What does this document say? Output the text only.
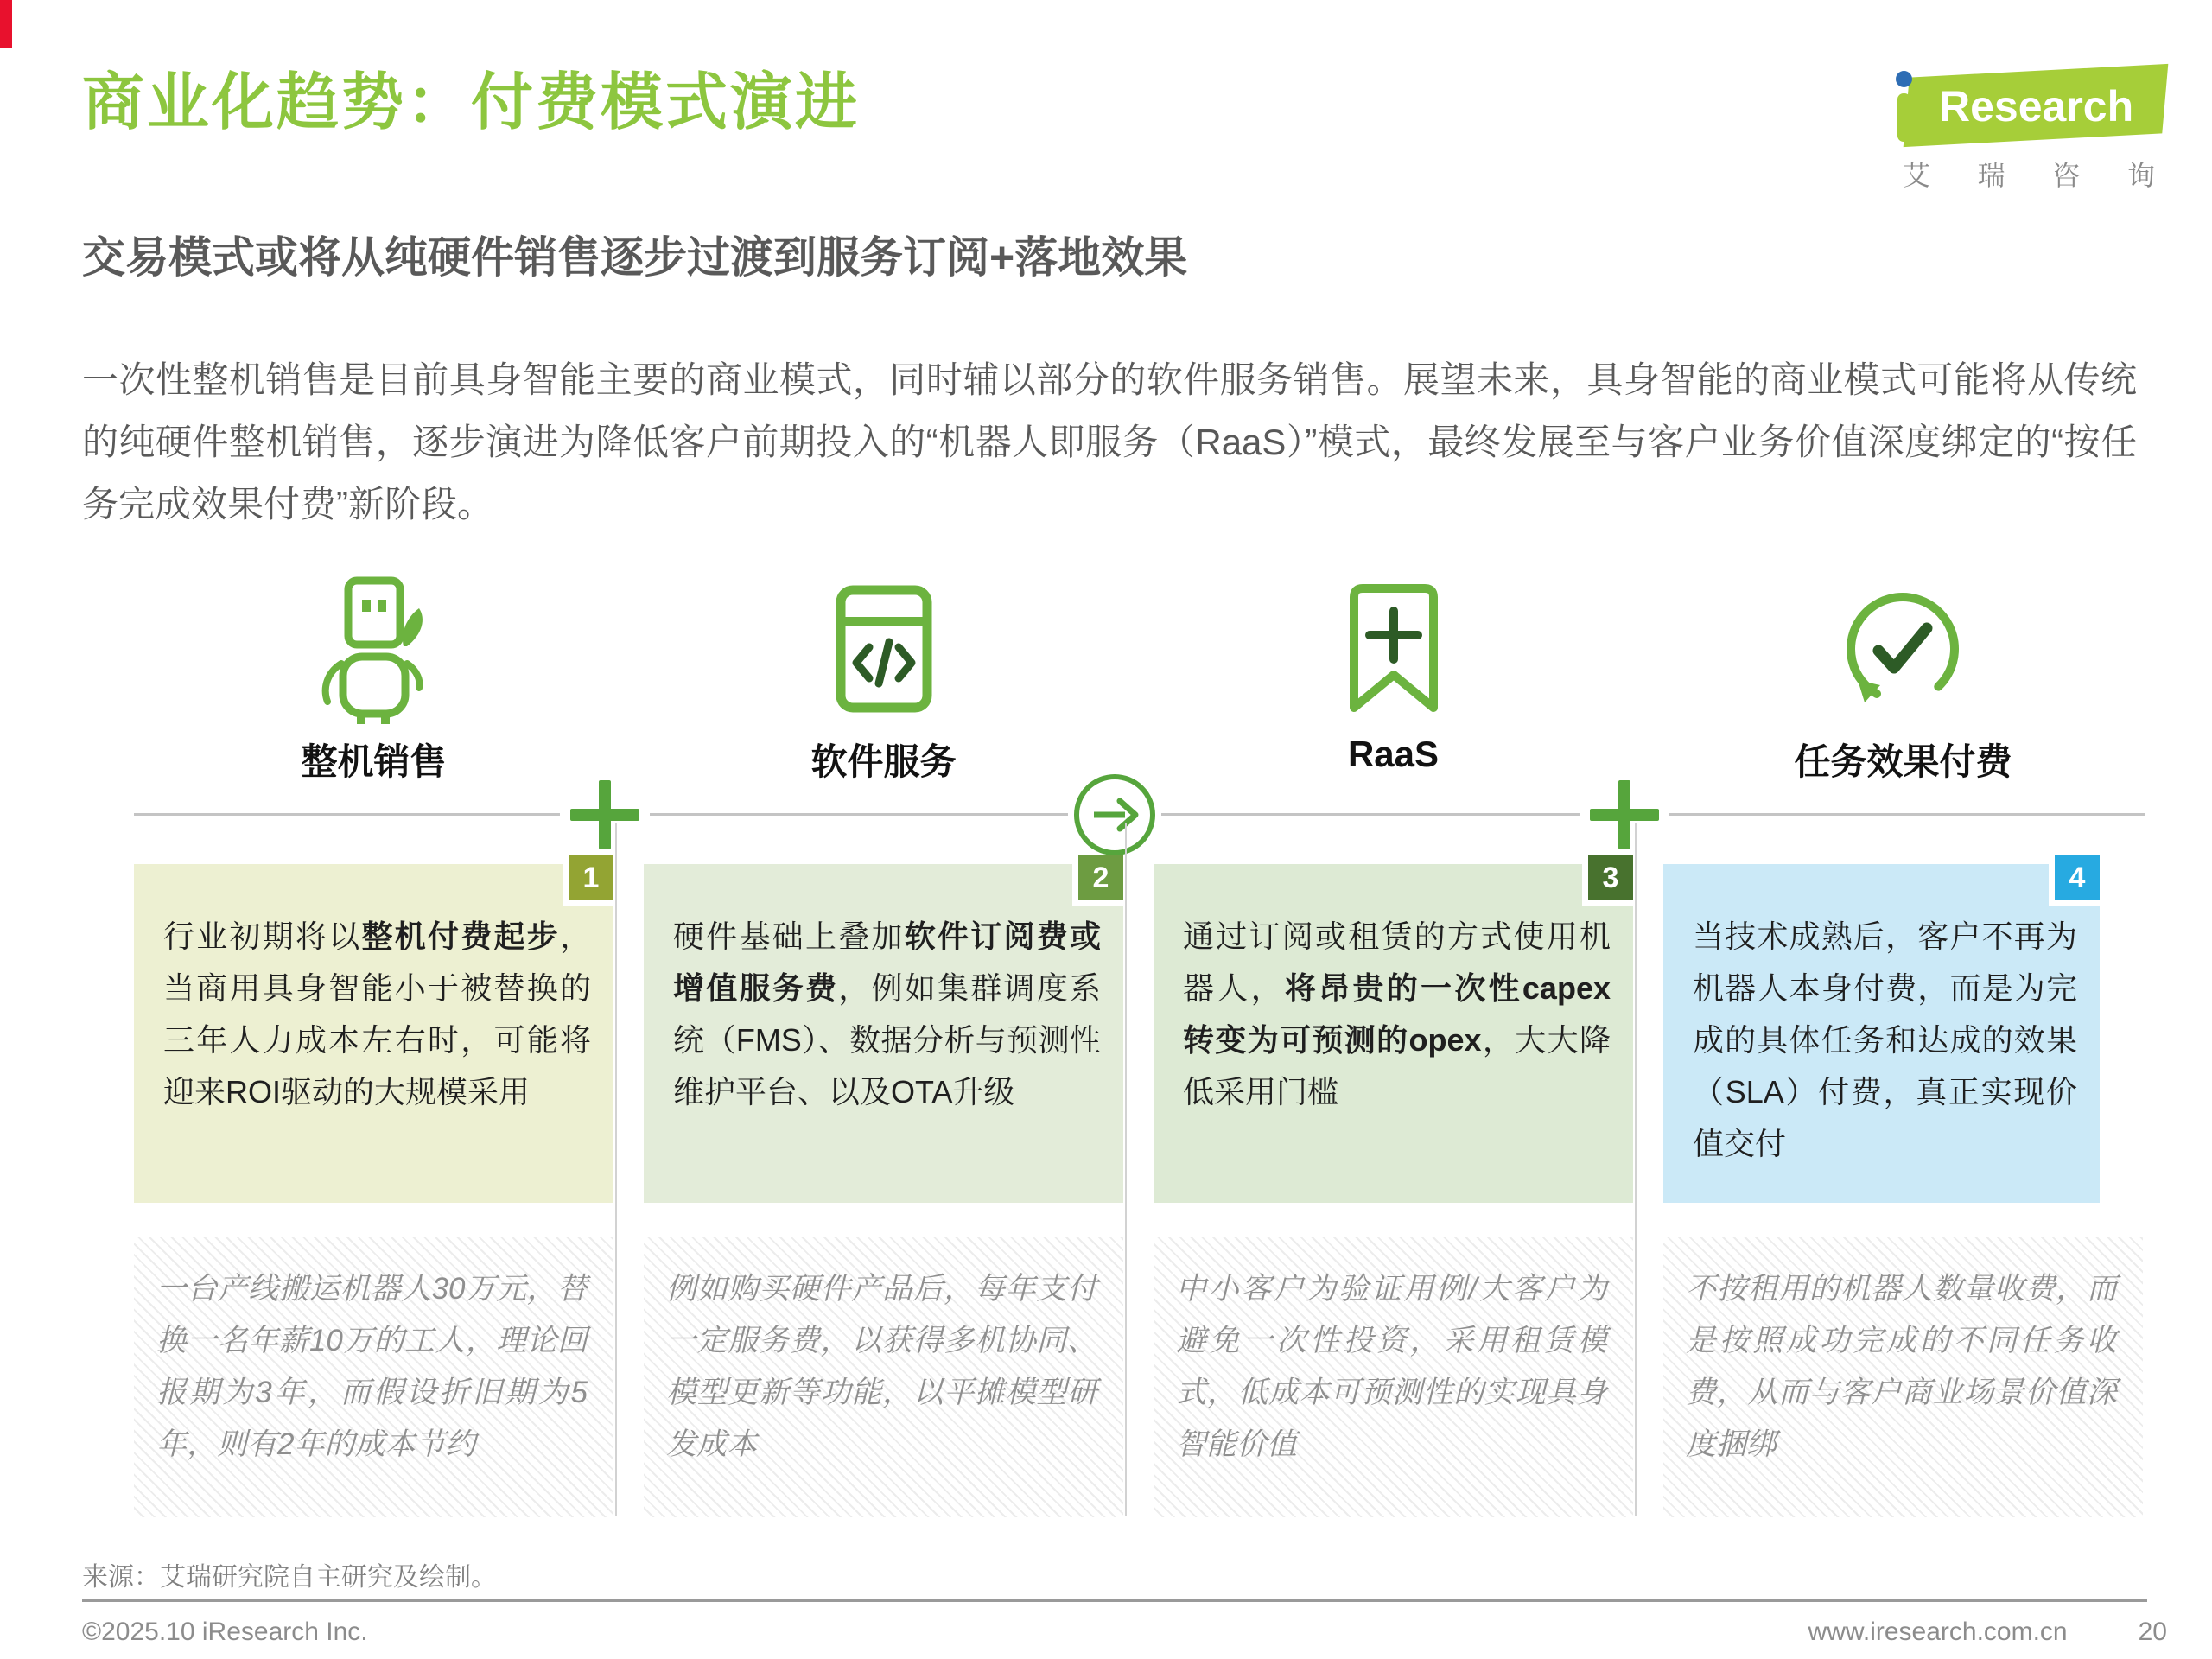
商业化趋势：付费模式演进	Research
艾 瑞 咨 询
交易模式或将从纯硬件销售逐步过渡到服务订阅+落地效果

一次性整机销售是目前具身智能主要的商业模式，同时辅以部分的软件服务销售。展望未来，具身智能的商业模式可能将从传统的纯硬件整机销售，逐步演进为降低客户前期投入的“机器人即服务（RaaS）”模式，最终发展至与客户业务价值深度绑定的“按任务完成效果付费”新阶段。

整机销售	软件服务	RaaS	任务效果付费
1
行业初期将以整机付费起步，当商用具身智能小于被替换的三年人力成本左右时，可能将迎来ROI驱动的大规模采用
2
硬件基础上叠加软件订阅费或增值服务费，例如集群调度系统（FMS）、数据分析与预测性维护平台、以及OTA升级
3
通过订阅或租赁的方式使用机器人，将昂贵的一次性capex转变为可预测的opex，大大降低采用门槛
4
当技术成熟后，客户不再为机器人本身付费，而是为完成的具体任务和达成的效果（SLA）付费，真正实现价值交付
一台产线搬运机器人30万元，替换一名年薪10万的工人，理论回报期为3年，而假设折旧期为5年，则有2年的成本节约
例如购买硬件产品后，每年支付一定服务费，以获得多机协同、模型更新等功能，以平摊模型研发成本
中小客户为验证用例/大客户为避免一次性投资，采用租赁模式，低成本可预测性的实现具身智能价值
不按租用的机器人数量收费，而是按照成功完成的不同任务收费，从而与客户商业场景价值深度捆绑
来源：艾瑞研究院自主研究及绘制。
©2025.10 iResearch Inc.	www.iresearch.com.cn	20
